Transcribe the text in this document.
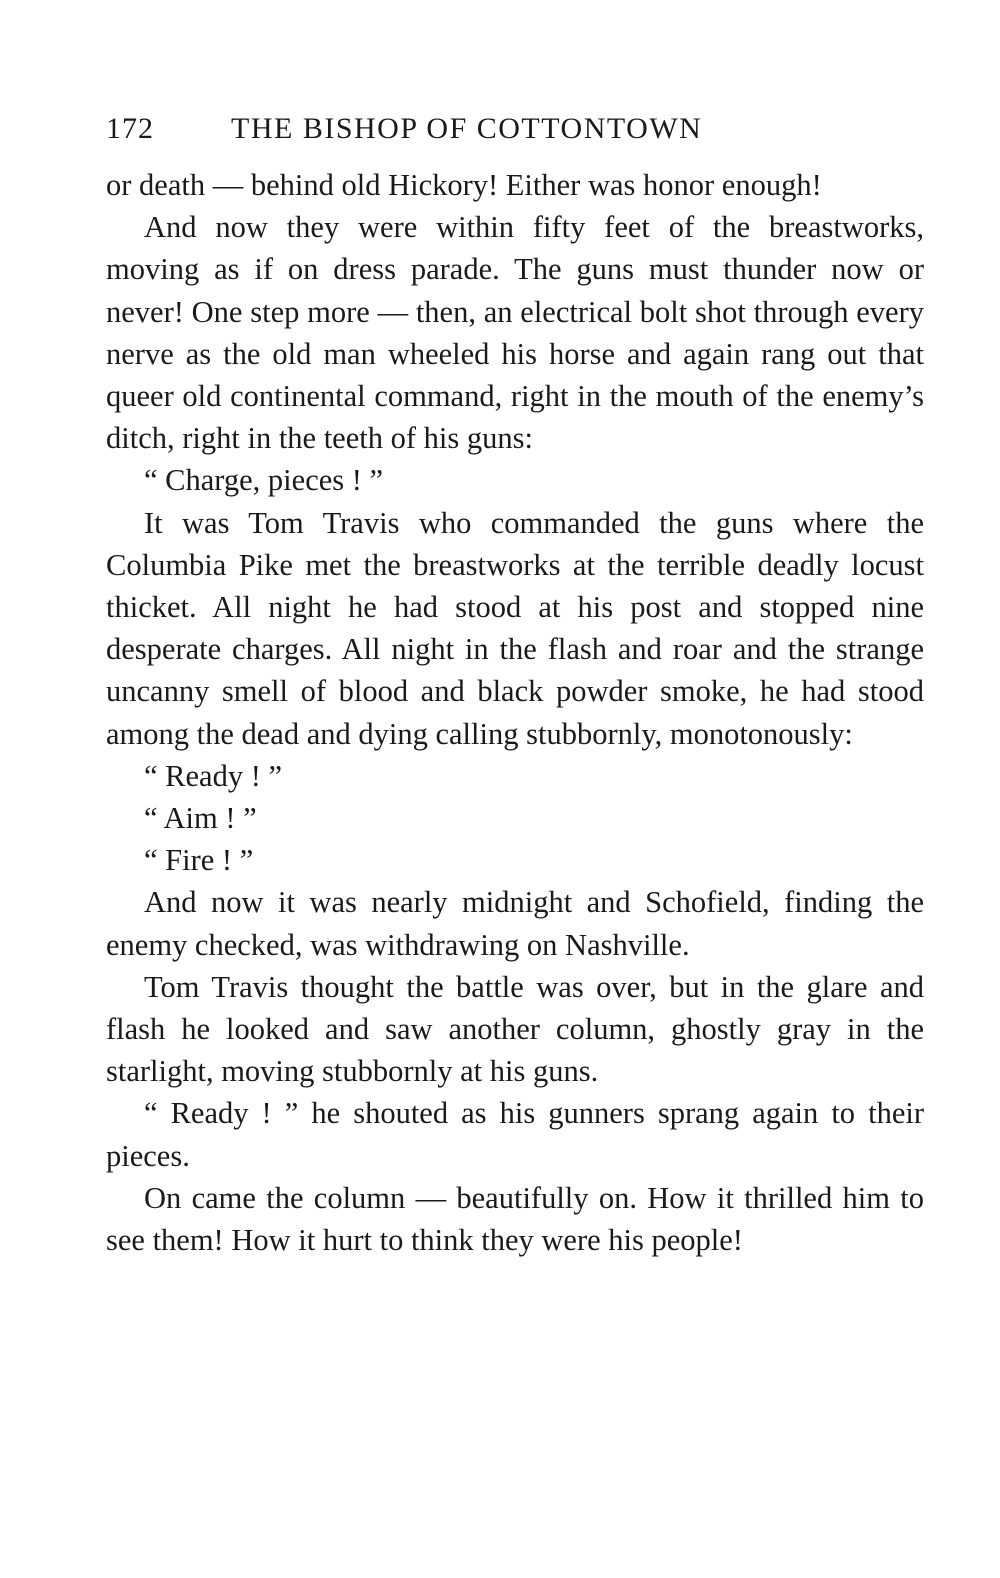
172	THE BISHOP OF COTTONTOWN

or death — behind old Hickory! Either was honor enough!

And now they were within fifty feet of the breastworks, moving as if on dress parade. The guns must thunder now or never! One step more — then, an electrical bolt shot through every nerve as the old man wheeled his horse and again rang out that queer old continental command, right in the mouth of the enemy’s ditch, right in the teeth of his guns:

“ Charge, pieces ! ”

It was Tom Travis who commanded the guns where the Columbia Pike met the breastworks at the terrible deadly locust thicket. All night he had stood at his post and stopped nine desperate charges. All night in the flash and roar and the strange uncanny smell of blood and black powder smoke, he had stood among the dead and dying calling stubbornly, monotonously:

“ Ready ! ”

“ Aim ! ”

“ Fire ! ”

And now it was nearly midnight and Schofield, finding the enemy checked, was withdrawing on Nashville.

Tom Travis thought the battle was over, but in the glare and flash he looked and saw another column, ghostly gray in the starlight, moving stubbornly at his guns.

“ Ready ! ” he shouted as his gunners sprang again to their pieces.

On came the column — beautifully on. How it thrilled him to see them! How it hurt to think they were his people!
